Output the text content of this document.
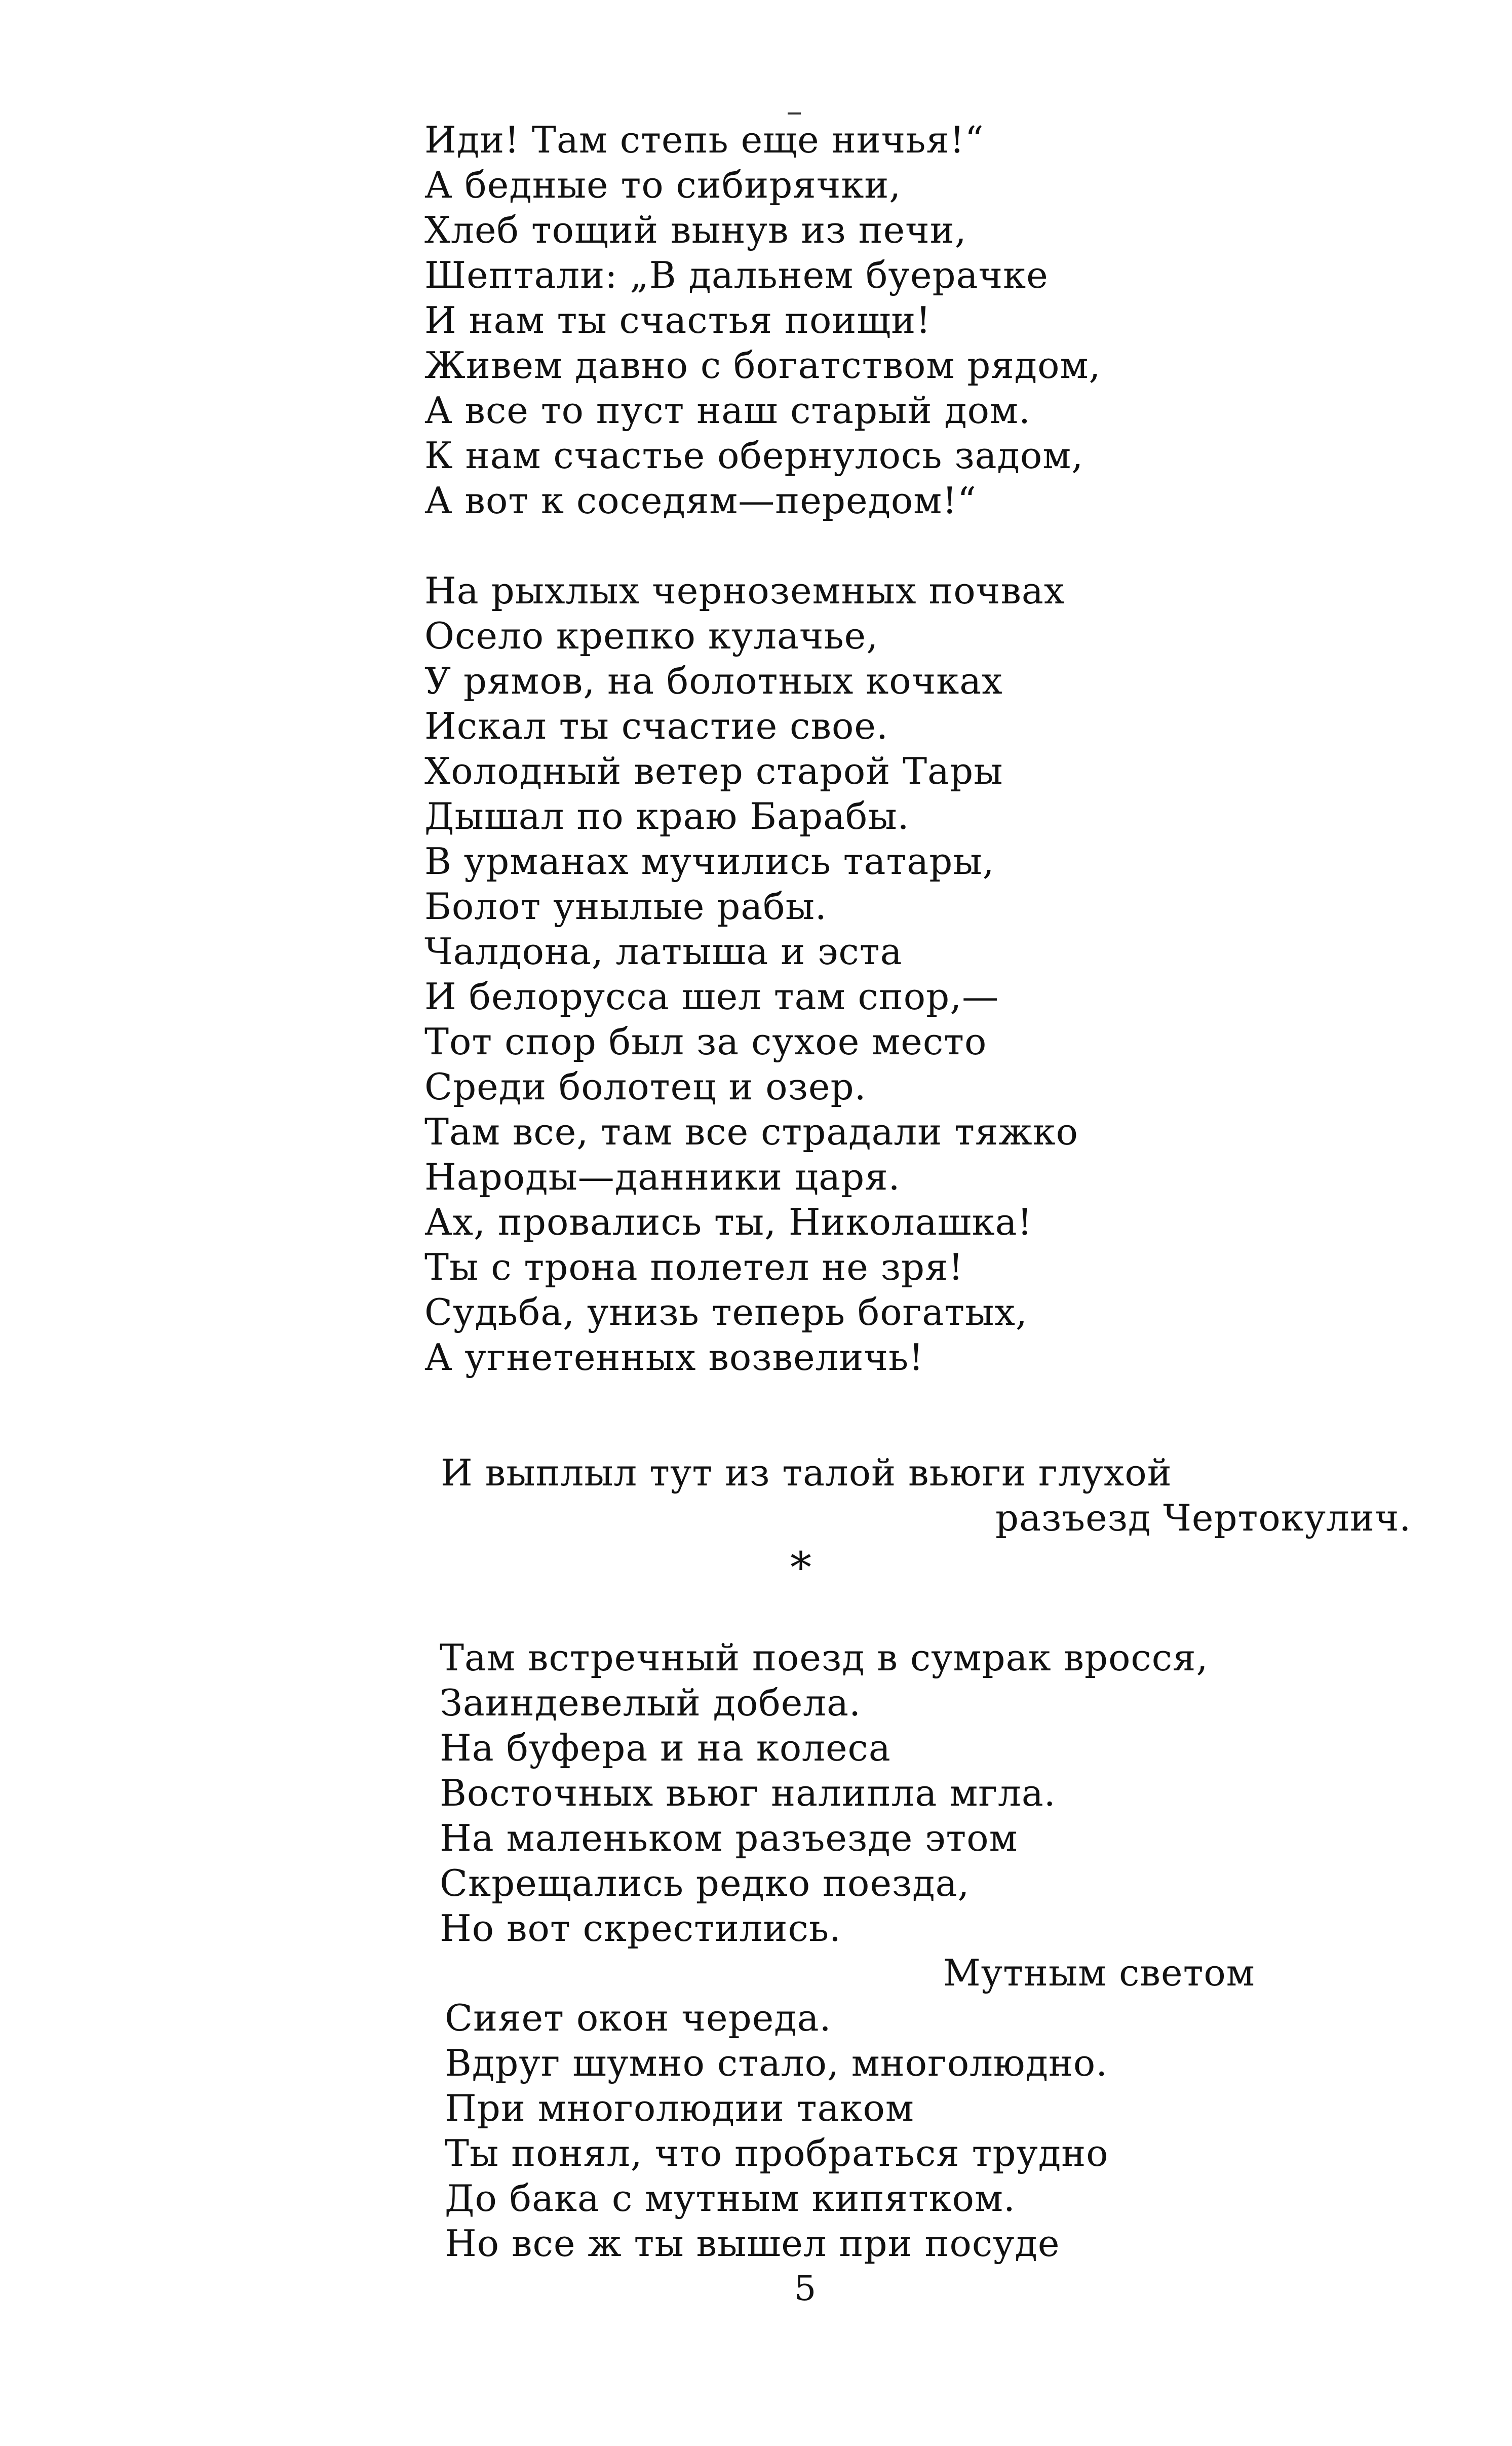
Иди! Там степь еще ничья!“
А бедные то сибирячки,
Хлеб тощий вынув из печи,
Шептали: „В дальнем буерачке
И нам ты счастья поищи!
Живем давно с богатством рядом,
А все то пуст наш старый дом.
К нам счастье обернулось задом,
А вот к соседям—передом!“
На рыхлых черноземных почвах
Осело крепко кулачье,
У рямов, на болотных кочках
Искал ты счастие свое.
Холодный ветер старой Тары
Дышал по краю Барабы.
В урманах мучились татары,
Болот унылые рабы.
Чалдона, латыша и эста
И белорусса шел там спор,—
Тот спор был за сухое место
Среди болотец и озер.
Там все, там все страдали тяжко
Народы—данники царя.
Ах, провались ты, Николашка!
Ты с трона полетел не зря!
Судьба, унизь теперь богатых,
А угнетенных возвеличь!
И выплыл тут из талой вьюги глухой
разъезд Чертокулич.
*
Там встречный поезд в сумрак вросся,
Заиндевелый добела.
На буфера и на колеса
Восточных вьюг налипла мгла.
На маленьком разъезде этом
Скрещались редко поезда,
Но вот скрестились.
Мутным светом
Сияет окон череда.
Вдруг шумно стало, многолюдно.
При многолюдии таком
Ты понял, что пробраться трудно
До бака с мутным кипятком.
Но все ж ты вышел при посуде
5
